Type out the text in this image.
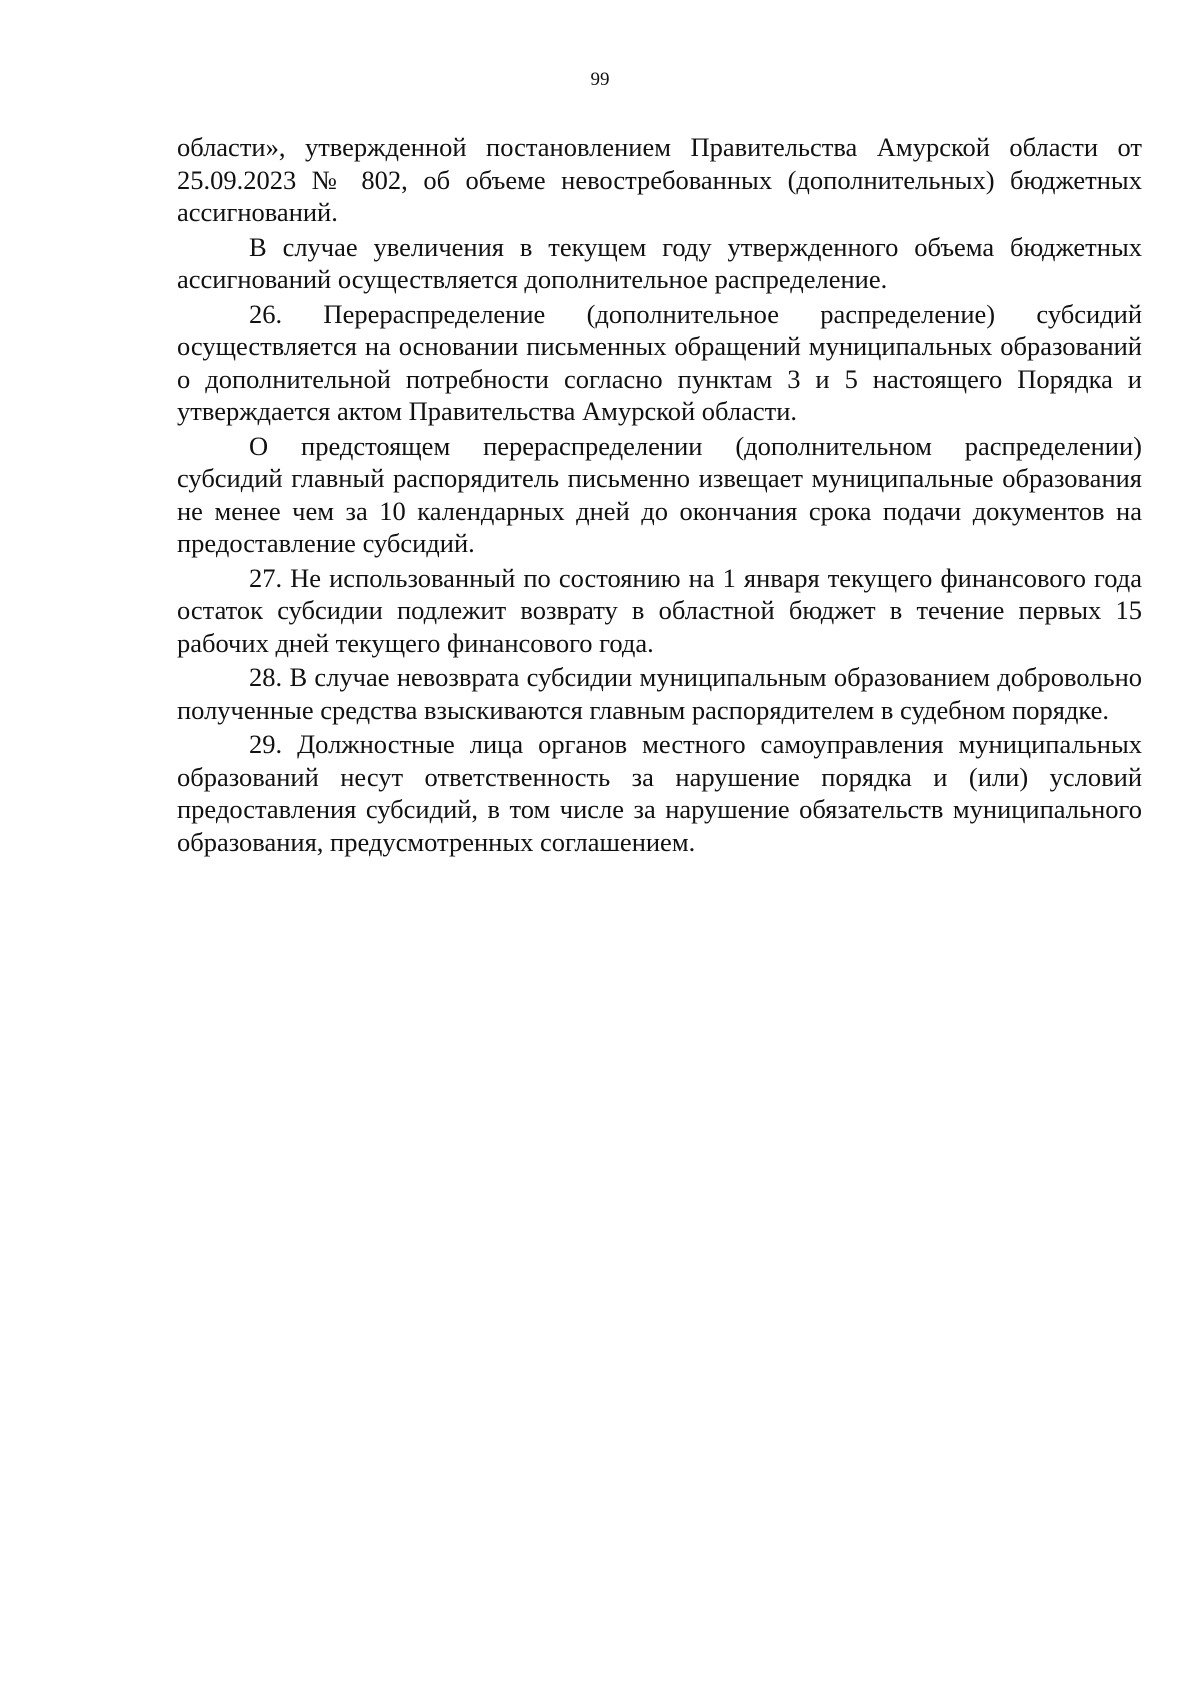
99

области», утвержденной постановлением Правительства Амурской области от 25.09.2023 № 802, об объеме невостребованных (дополнительных) бюджетных ассигнований.

В случае увеличения в текущем году утвержденного объема бюджетных ассигнований осуществляется дополнительное распределение.

26. Перераспределение (дополнительное распределение) субсидий осуществляется на основании письменных обращений муниципальных образований о дополнительной потребности согласно пунктам 3 и 5 настоящего Порядка и утверждается актом Правительства Амурской области.

О предстоящем перераспределении (дополнительном распределении) субсидий главный распорядитель письменно извещает муниципальные образования не менее чем за 10 календарных дней до окончания срока подачи документов на предоставление субсидий.

27. Не использованный по состоянию на 1 января текущего финансового года остаток субсидии подлежит возврату в областной бюджет в течение первых 15 рабочих дней текущего финансового года.

28. В случае невозврата субсидии муниципальным образованием добровольно полученные средства взыскиваются главным распорядителем в судебном порядке.

29. Должностные лица органов местного самоуправления муниципальных образований несут ответственность за нарушение порядка и (или) условий предоставления субсидий, в том числе за нарушение обязательств муниципального образования, предусмотренных соглашением.
